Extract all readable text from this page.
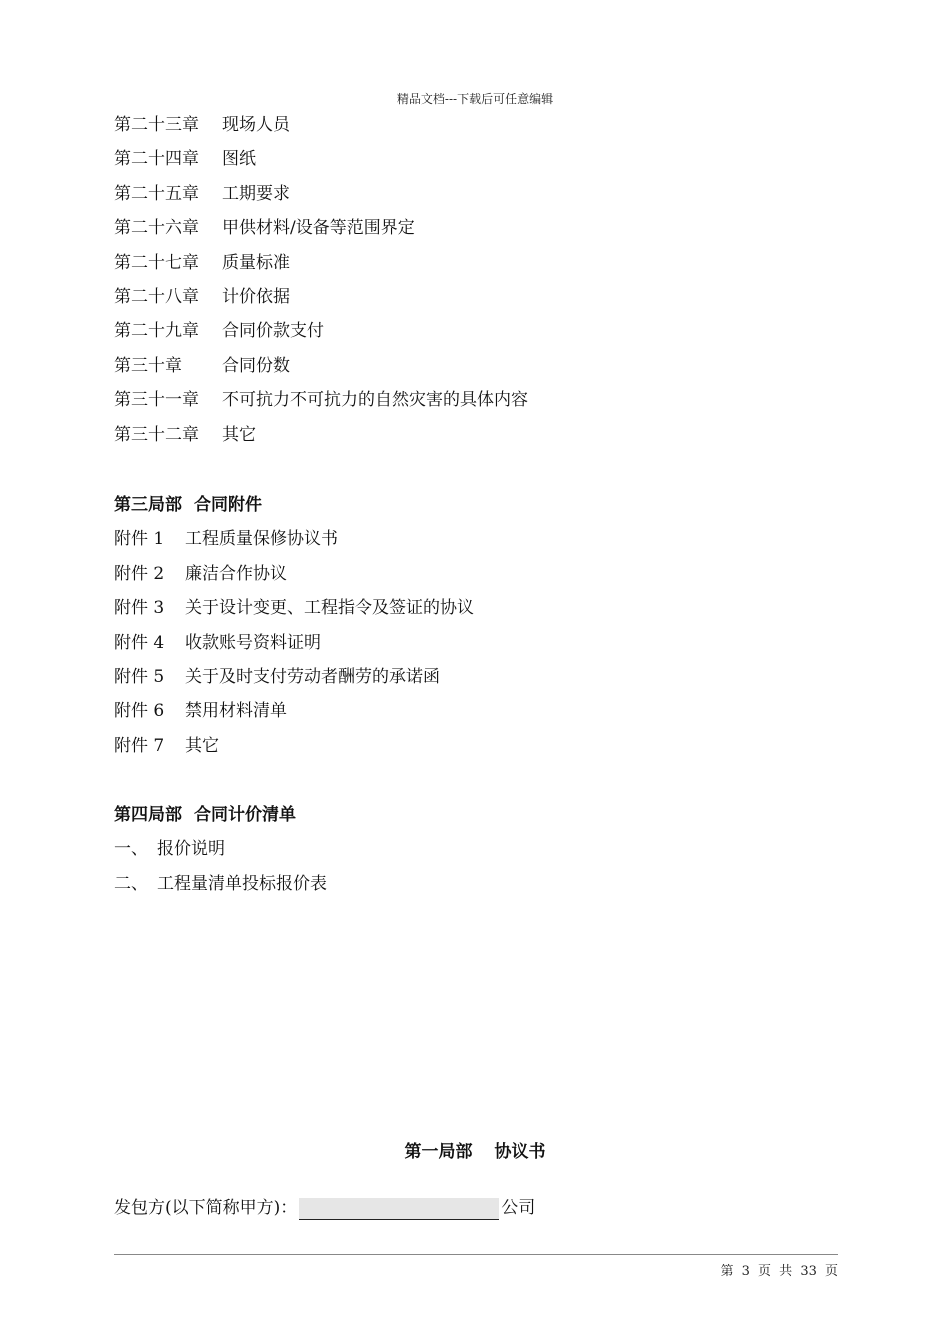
精品文档---下载后可任意编辑
第二十三章	现场人员
第二十四章	图纸
第二十五章	工期要求
第二十六章	甲供材料/设备等范围界定
第二十七章	质量标准
第二十八章	计价依据
第二十九章	合同价款支付
第三十章	合同份数
第三十一章	不可抗力不可抗力的自然灾害的具体内容
第三十二章	其它
第三局部 合同附件
附件 1	工程质量保修协议书
附件 2	廉洁合作协议
附件 3	关于设计变更、工程指令及签证的协议
附件 4	收款账号资料证明
附件 5	关于及时支付劳动者酬劳的承诺函
附件 6	禁用材料清单
附件 7	其它
第四局部 合同计价清单
一、 报价说明
二、 工程量清单投标报价表
第一局部 协议书
发包方(以下简称甲方)：	公司
第 3 页 共 33 页
